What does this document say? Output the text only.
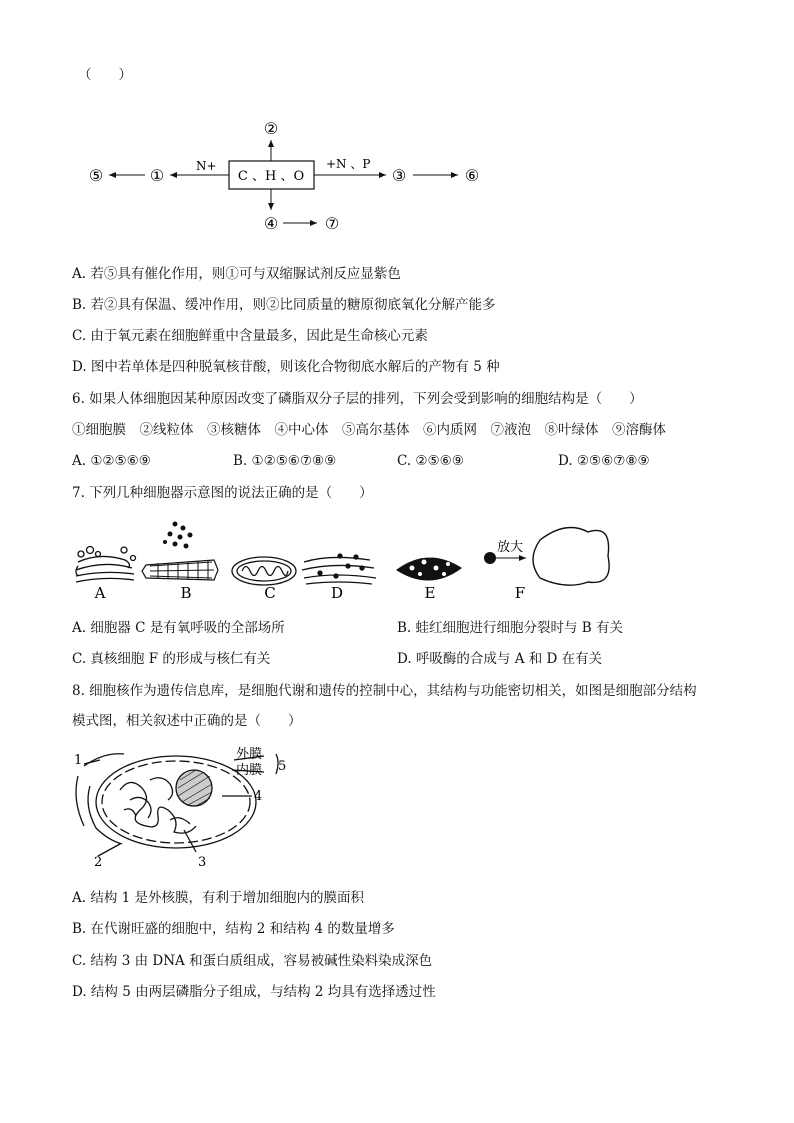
（　　）
C 、H 、O
②
④	⑦
N+
①
⑤
+N 、P
③	⑥
A. 若⑤具有催化作用，则①可与双缩脲试剂反应显紫色
B. 若②具有保温、缓冲作用，则②比同质量的糖原彻底氧化分解产能多
C. 由于氧元素在细胞鲜重中含量最多，因此是生命核心元素
D. 图中若单体是四种脱氧核苷酸，则该化合物彻底水解后的产物有 5 种
6. 如果人体细胞因某种原因改变了磷脂双分子层的排列，下列会受到影响的细胞结构是（　　）
①细胞膜　②线粒体　③核糖体　④中心体　⑤高尔基体　⑥内质网　⑦液泡　⑧叶绿体　⑨溶酶体
A. ①②⑤⑥⑨	B. ①②⑤⑥⑦⑧⑨	C. ②⑤⑥⑨	D. ②⑤⑥⑦⑧⑨
7. 下列几种细胞器示意图的说法正确的是（　　）
放大
A	B	C	D	E	F
A. 细胞器 C 是有氧呼吸的全部场所	B. 蛙红细胞进行细胞分裂时与 B 有关
C. 真核细胞 F 的形成与核仁有关	D. 呼吸酶的合成与 A 和 D 在有关
8. 细胞核作为遗传信息库，是细胞代谢和遗传的控制中心，其结构与功能密切相关，如图是细胞部分结构
模式图，相关叙述中正确的是（　　）
1	外膜
内膜 5
4
2	3
A. 结构 1 是外核膜，有利于增加细胞内的膜面积
B. 在代谢旺盛的细胞中，结构 2 和结构 4 的数量增多
C. 结构 3 由 DNA 和蛋白质组成，容易被碱性染料染成深色
D. 结构 5 由两层磷脂分子组成，与结构 2 均具有选择透过性
